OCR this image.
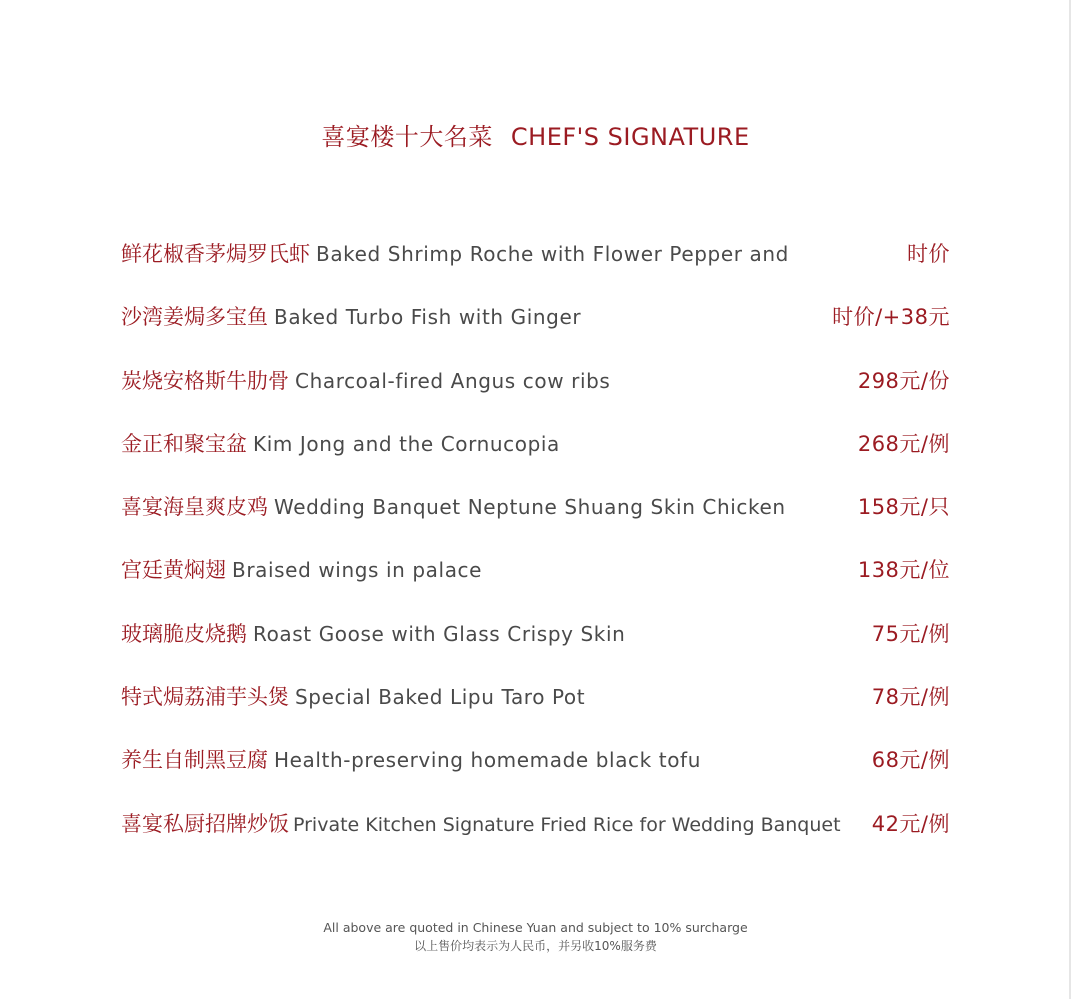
喜宴楼十大名菜 CHEF'S SIGNATURE
鲜花椒香茅焗罗氏虾 Baked Shrimp Roche with Flower Pepper and	时价
沙湾姜焗多宝鱼 Baked Turbo Fish with Ginger	时价/+38元
炭烧安格斯牛肋骨 Charcoal-fired Angus cow ribs	298元/份
金正和聚宝盆 Kim Jong and the Cornucopia	268元/例
喜宴海皇爽皮鸡 Wedding Banquet Neptune Shuang Skin Chicken	158元/只
宫廷黄焖翅 Braised wings in palace	138元/位
玻璃脆皮烧鹅 Roast Goose with Glass Crispy Skin	75元/例
特式焗荔浦芋头煲 Special Baked Lipu Taro Pot	78元/例
养生自制黑豆腐 Health-preserving homemade black tofu	68元/例
喜宴私厨招牌炒饭 Private Kitchen Signature Fried Rice for Wedding Banquet 42元/例
All above are quoted in Chinese Yuan and subject to 10% surcharge
以上售价均表示为人民币，并另收10%服务费
